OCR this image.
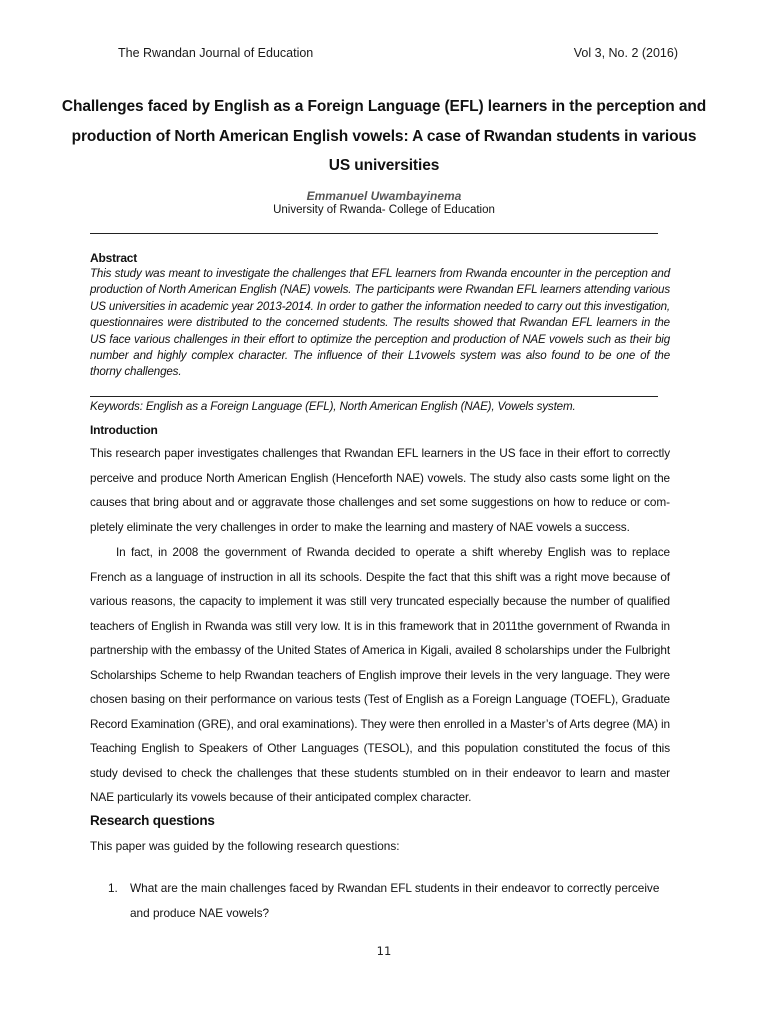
The Rwandan Journal of Education	Vol 3, No. 2 (2016)
Challenges faced by English as a Foreign Language (EFL) learners in the perception and production of North American English vowels: A case of Rwandan students in various US universities
Emmanuel Uwambayinema
University of Rwanda- College of Education
Abstract
This study was meant to investigate the challenges that EFL learners from Rwanda encounter in the perception and production of North American English (NAE) vowels. The participants were Rwandan EFL learners attending various US universities in academic year 2013-2014. In order to gather the information needed to carry out this investigation, questionnaires were distributed to the concerned students. The results showed that Rwandan EFL learners in the US face various challenges in their effort to optimize the perception and production of NAE vowels such as their big number and highly complex character. The influence of their L1vowels system was also found to be one of the thorny challenges.
Keywords: English as a Foreign Language (EFL), North American English (NAE), Vowels system.
Introduction
This research paper investigates challenges that Rwandan EFL learners in the US face in their effort to correctly perceive and produce North American English (Henceforth NAE) vowels. The study also casts some light on the causes that bring about and or aggravate those challenges and set some suggestions on how to reduce or completely eliminate the very challenges in order to make the learning and mastery of NAE vowels a success.
In fact, in 2008 the government of Rwanda decided to operate a shift whereby English was to replace French as a language of instruction in all its schools. Despite the fact that this shift was a right move because of various reasons, the capacity to implement it was still very truncated especially because the number of qualified teachers of English in Rwanda was still very low. It is in this framework that in 2011the government of Rwanda in partnership with the embassy of the United States of America in Kigali, availed 8 scholarships under the Fulbright Scholarships Scheme to help Rwandan teachers of English improve their levels in the very language. They were chosen basing on their performance on various tests (Test of English as a Foreign Language (TOEFL), Graduate Record Examination (GRE), and oral examinations). They were then enrolled in a Master’s of Arts degree (MA) in Teaching English to Speakers of Other Languages (TESOL), and this population constituted the focus of this study devised to check the challenges that these students stumbled on in their endeavor to learn and master NAE particularly its vowels because of their anticipated complex character.
Research questions
This paper was guided by the following research questions:
1. What are the main challenges faced by Rwandan EFL students in their endeavor to correctly perceive and produce NAE vowels?
11
